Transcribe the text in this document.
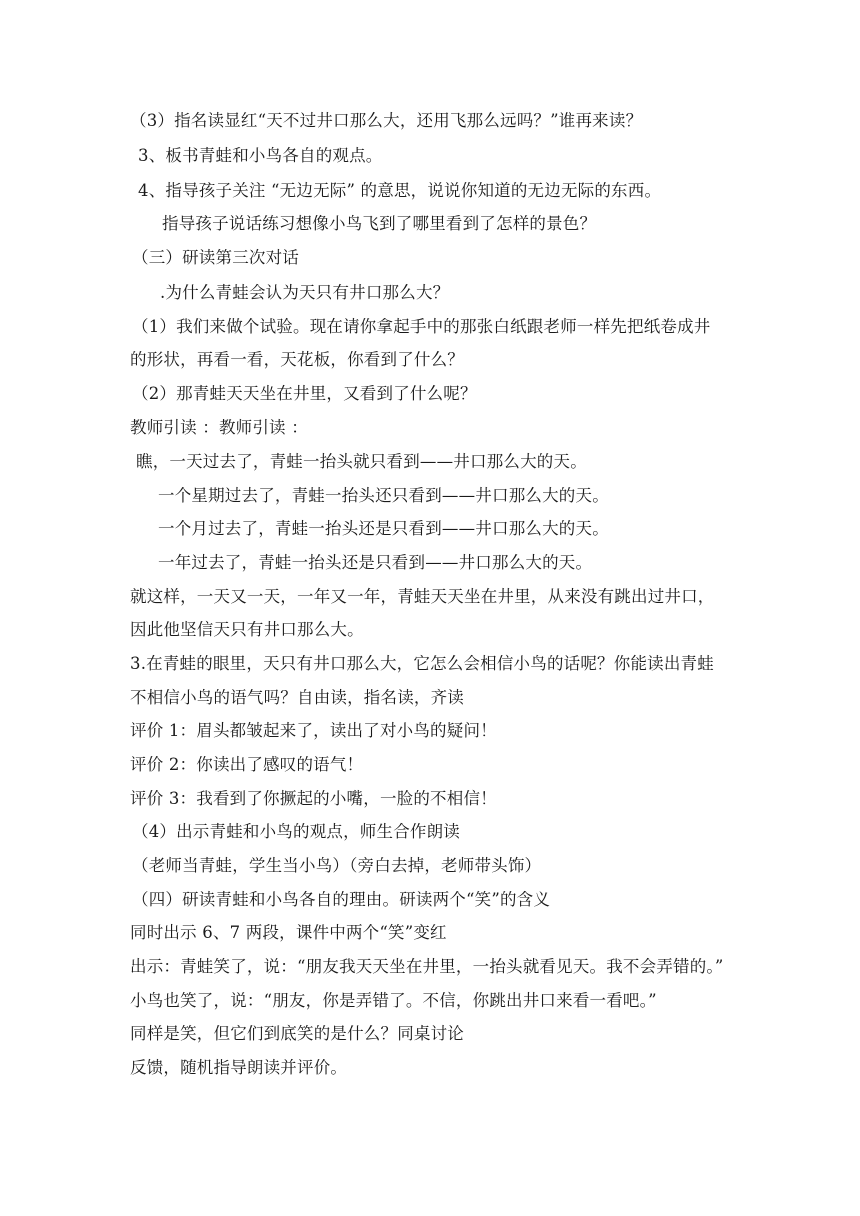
（3）指名读显红“天不过井口那么大，还用飞那么远吗？”谁再来读？
3、板书青蛙和小鸟各自的观点。
4、指导孩子关注 “无边无际” 的意思，说说你知道的无边无际的东西。
指导孩子说话练习想像小鸟飞到了哪里看到了怎样的景色？
（三）研读第三次对话
.为什么青蛙会认为天只有井口那么大？
（1）我们来做个试验。现在请你拿起手中的那张白纸跟老师一样先把纸卷成井
的形状，再看一看，天花板，你看到了什么？
（2）那青蛙天天坐在井里，又看到了什么呢？
教师引读 ：教师引读 ：
瞧，一天过去了，青蛙一抬头就只看到——井口那么大的天。
一个星期过去了，青蛙一抬头还只看到——井口那么大的天。
一个月过去了，青蛙一抬头还是只看到——井口那么大的天。
一年过去了，青蛙一抬头还是只看到——井口那么大的天。
就这样，一天又一天，一年又一年，青蛙天天坐在井里，从来没有跳出过井口，
因此他坚信天只有井口那么大。
3.在青蛙的眼里，天只有井口那么大，它怎么会相信小鸟的话呢？你能读出青蛙
不相信小鸟的语气吗？自由读，指名读，齐读
评价 1：眉头都皱起来了，读出了对小鸟的疑问！
评价 2：你读出了感叹的语气！
评价 3：我看到了你撅起的小嘴，一脸的不相信！
（4）出示青蛙和小鸟的观点，师生合作朗读
（老师当青蛙，学生当小鸟）（旁白去掉，老师带头饰）
（四）研读青蛙和小鸟各自的理由。研读两个“笑”的含义
同时出示 6、7 两段，课件中两个“笑”变红
出示：青蛙笑了，说：“朋友我天天坐在井里，一抬头就看见天。我不会弄错的。”
小鸟也笑了，说：“朋友，你是弄错了。不信，你跳出井口来看一看吧。”
同样是笑，但它们到底笑的是什么？同桌讨论
反馈，随机指导朗读并评价。
